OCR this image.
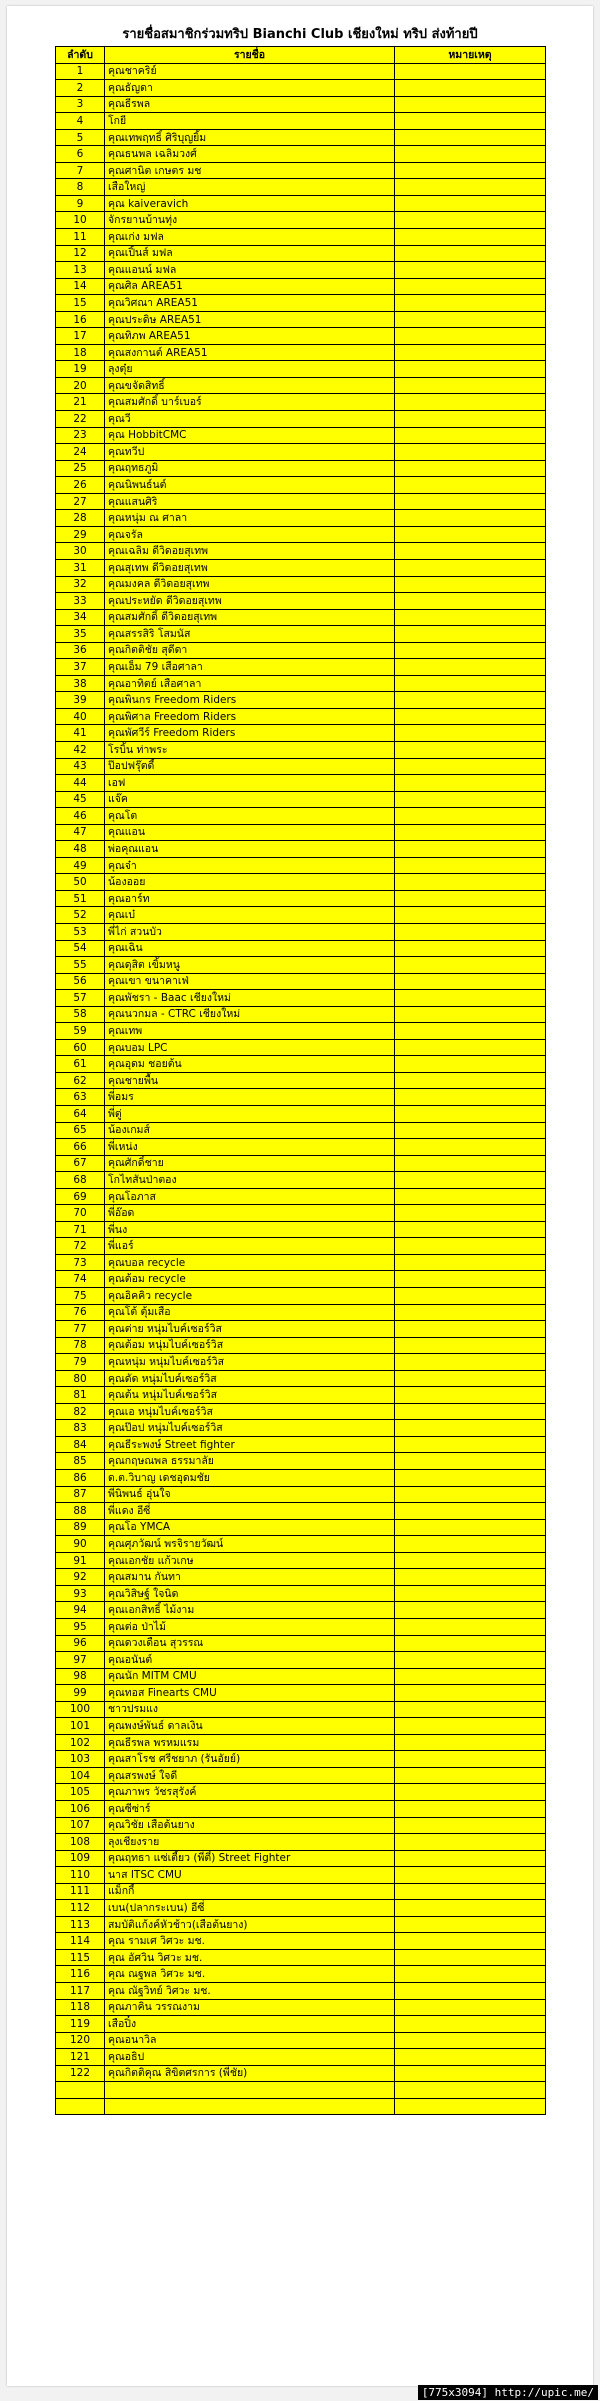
รายชื่อสมาชิกร่วมทริป Bianchi Club เชียงใหม่ ทริป ส่งท้ายปี
ลำดับ	รายชื่อ	หมายเหตุ
1	คุณชาคริย์	
2	คุณธัญดา	
3	คุณธีรพล	
4	โกยี	
5	คุณเทพฤทธิ์ ศิริบุญยิ้ม	
6	คุณธนพล เฉลิมวงศ์	
7	คุณศานิต เกษตร มช	
8	เสือใหญ่	
9	คุณ kaiveravich	
10	จักรยานบ้านทุ่ง	
11	คุณเก่ง มฟล	
12	คุณเปิ้นส์ มฟล	
13	คุณแอนน์ มฟล	
14	คุณศิล AREA51	
15	คุณวิศณา AREA51	
16	คุณประดิษ AREA51	
17	คุณทิภพ AREA51	
18	คุณสงกานต์ AREA51	
19	ลุงตุ๋ย	
20	คุณขจัดสิทธิ์	
21	คุณสมศักดิ์ บาร์เบอร์	
22	คุณวี	
23	คุณ HobbitCMC	
24	คุณทวีป	
25	คุณฤทธภูมิ	
26	คุณนิพนธ์นต์	
27	คุณแสนศิริ	
28	คุณหนุ่ม ณ ศาลา	
29	คุณจรัล	
30	คุณเฉลิม ดีวิดอยสุเทพ	
31	คุณสุเทพ ดีวิดอยสุเทพ	
32	คุณมงคล ดีวิดอยสุเทพ	
33	คุณประหยัด ดีวิดอยสุเทพ	
34	คุณสมศักดิ์ ดีวิดอยสุเทพ	
35	คุณสรรสิริ โสมนัส	
36	คุณกิตติชัย สุดีดา	
37	คุณเอ็ม 79 เสือศาลา	
38	คุณอาทิตย์ เสือศาลา	
39	คุณพินกร Freedom Riders	
40	คุณพิศาล Freedom Riders	
41	คุณพัศวีร์ Freedom Riders	
42	โรบิ้น ท่าพระ	
43	ป๊อปฟรุ๊ตดี้	
44	เอฟ	
45	แจ๊ค	
46	คุณโต	
47	คุณแอน	
48	พ่อคุณแอน	
49	คุณจ๋า	
50	น้องออย	
51	คุณอาร์ท	
52	คุณเบ๋	
53	พี่ไก่ สวนบัว	
54	คุณเฉิน	
55	คุณดุสิต เขิ้มหนู	
56	คุณเขา ขนาคาเฟ่	
57	คุณพัชรา - Baac เชียงใหม่	
58	คุณนวกมล - CTRC เชียงใหม่	
59	คุณเทพ	
60	คุณบอม LPC	
61	คุณอุดม ชอยต้น	
62	คุณชายพื้น	
63	พี่อมร	
64	พี่ตู่	
65	น้องเกมส์	
66	พี่เหน่ง	
67	คุณศักดิ์ชาย	
68	โกไทสันป่าตอง	
69	คุณโอภาส	
70	พี่อ๊อด	
71	พี่นง	
72	พี่แอร์	
73	คุณบอล recycle	
74	คุณต้อม recycle	
75	คุณอิคคิว recycle	
76	คุณโต้ ตุ้มเสือ	
77	คุณต่าย หนุ่มไบค์เซอร์วิส	
78	คุณต้อม หนุ่มไบค์เซอร์วิส	
79	คุณหนุ่ม หนุ่มไบค์เซอร์วิส	
80	คุณดัด หนุ่มไบค์เซอร์วิส	
81	คุณต้น หนุ่มไบค์เซอร์วิส	
82	คุณเอ หนุ่มไบค์เซอร์วิส	
83	คุณป๊อป หนุ่มไบค์เซอร์วิส	
84	คุณธีระพงษ์ Street fighter	
85	คุณกฤษณพล ธรรมาลัย	
86	ด.ต.วิบาญ เดชอุดมชัย	
87	พี่นิพนธ์ อุ่นใจ	
88	พี่แดง อีซี่	
89	คุณโอ YMCA	
90	คุณศุภวัฒน์ พรจิรายวัฒน์	
91	คุณเอกชัย แก้วเกษ	
92	คุณสมาน กันทา	
93	คุณวิสิษฐ์ ใจนิด	
94	คุณเอกสิทธิ์ ไม้งาม	
95	คุณต่อ ป่าไม้	
96	คุณดวงเดือน สุวรรณ	
97	คุณอนันต์	
98	คุณนัก MITM CMU	
99	คุณทอส Finearts CMU	
100	ชาวปรมแง	
101	คุณพงษ์พันธ์ ดาลเงิน	
102	คุณธีรพล พรหมแรม	
103	คุณสาโรช ศรีชยาภ (รันอัยย์)	
104	คุณสรพงษ์ ใจดี	
105	คุณภาพร วัชรสุรังค์	
106	คุณซีซ่าร์	
107	คุณวิชัย เสือต้นยาง	
108	ลุงเชียงราย	
109	คุณฤทธา แซ่เตี้ยว (พี่ตี๋) Street Fighter	
110	นาส ITSC CMU	
111	แม็กกี้	
112	เบน(ปลากระเบน) อีซี่	
113	สมบัติแก้งค์หัวช้าว(เสือต้นยาง)	
114	คุณ รามเศ วิศวะ มช.	
115	คุณ อัศวิน วิศวะ มช.	
116	คุณ ณฐพล วิศวะ มช.	
117	คุณ ณัฐวิทย์ วิศวะ มช.	
118	คุณภาคิน วรรณงาม	
119	เสือปิ๋ง	
120	คุณอนาวิล	
121	คุณอธิป	
122	คุณกิตติคุณ สิขิตศรการ (พี่ชัย)	

[775x3094] http://upic.me/
